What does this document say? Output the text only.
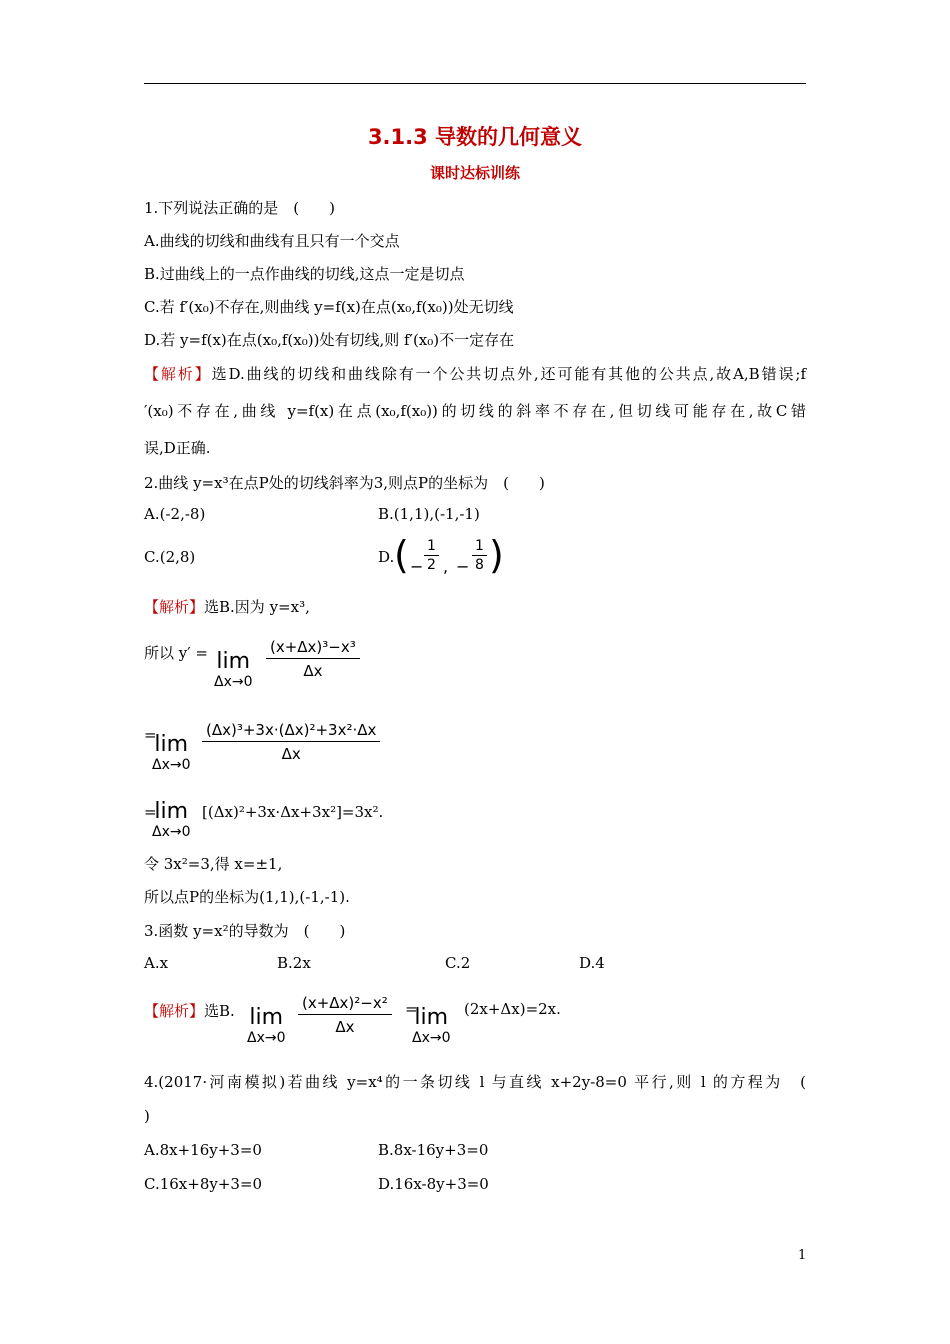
3.1.3 导数的几何意义
课时达标训练
1.下列说法正确的是　(　　)
A.曲线的切线和曲线有且只有一个交点
B.过曲线上的一点作曲线的切线,这点一定是切点
C.若 f′(x₀)不存在,则曲线 y=f(x)在点(x₀,f(x₀))处无切线
D.若 y=f(x)在点(x₀,f(x₀))处有切线,则 f′(x₀)不一定存在
【解析】选D.曲线的切线和曲线除有一个公共切点外,还可能有其他的公共点,故A,B错误;f
′(x₀)不存在,曲线 y=f(x)在点(x₀,f(x₀))的切线的斜率不存在,但切线可能存在,故C错
误,D正确.
2.曲线 y=x³在点P处的切线斜率为3,则点P的坐标为　(　　)
A.(-2,-8)	B.(1,1),(-1,-1)
C.(2,8)	D. ( − $\frac{1}{2}$ , − $\frac{1}{8}$ )
【解析】选B.因为 y=x³,
所以 y′ = lim
Δx→0
$\frac{\text{(x+Δx)³−x³}}{\Delta x}$
=
lim
Δx→0
$\frac{\text{(Δx)³+3x·(Δx)²+3x²·Δx}}{\Delta x}$
=
lim
Δx→0
[(Δx)²+3x·Δx+3x²]=3x².
令 3x²=3,得 x=±1,
所以点P的坐标为(1,1),(-1,-1).
3.函数 y=x²的导数为　(　　)
A.x	B.2x	C.2	D.4
【解析】选B. lim
Δx→0
$\frac{\text{(x+Δx)²−x²}}{\Delta x}$ =
lim
Δx→0
(2x+Δx)=2x.
4.(2017·河南模拟)若曲线 y=x⁴的一条切线 l 与直线 x+2y-8=0 平行,则 l 的方程为　(
)
A.8x+16y+3=0	B.8x-16y+3=0
C.16x+8y+3=0	D.16x-8y+3=0
1
